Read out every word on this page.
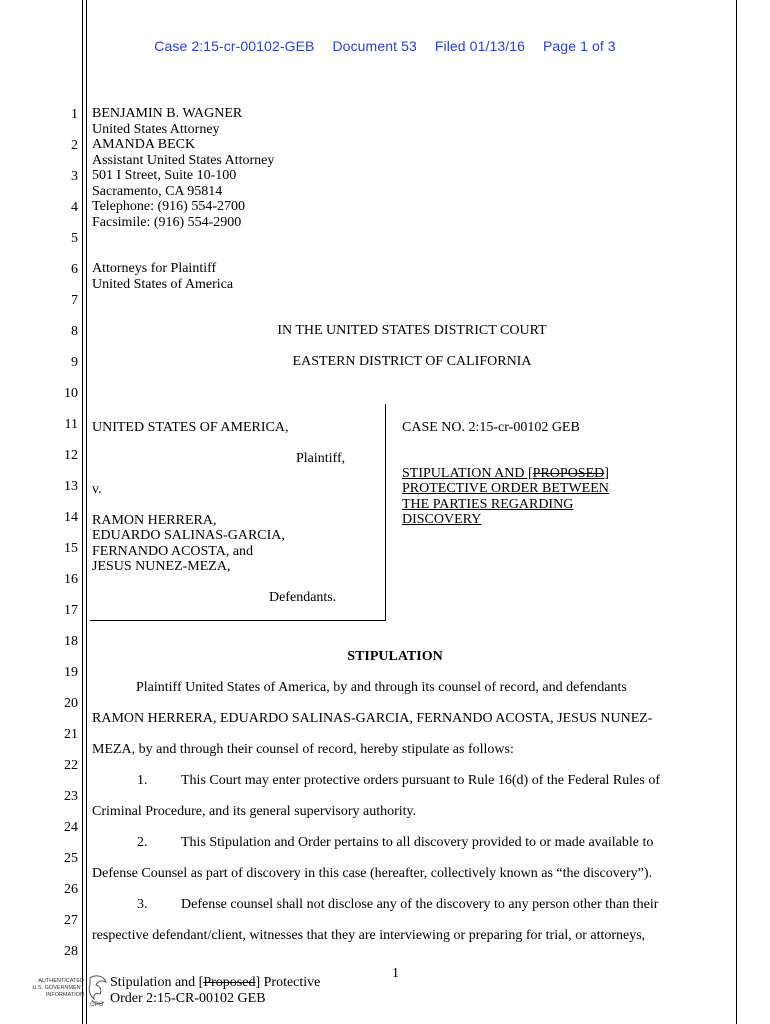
Case 2:15-cr-00102-GEB Document 53 Filed 01/13/16 Page 1 of 3
1
2
3
4
5
6
7
8
9
10
11
12
13
14
15
16
17
18
19
20
21
22
23
24
25
26
27
28
BENJAMIN B. WAGNER
United States Attorney
AMANDA BECK
Assistant United States Attorney
501 I Street, Suite 10-100
Sacramento, CA 95814
Telephone: (916) 554-2700
Facsimile: (916) 554-2900
Attorneys for Plaintiff
United States of America
IN THE UNITED STATES DISTRICT COURT
EASTERN DISTRICT OF CALIFORNIA
UNITED STATES OF AMERICA,
Plaintiff,
v.
RAMON HERRERA,
EDUARDO SALINAS-GARCIA,
FERNANDO ACOSTA, and
JESUS NUNEZ-MEZA,
Defendants.
CASE NO. 2:15-cr-00102 GEB
STIPULATION AND [PROPOSED]
PROTECTIVE ORDER BETWEEN
THE PARTIES REGARDING
DISCOVERY
STIPULATION
Plaintiff United States of America, by and through its counsel of record, and defendants
RAMON HERRERA, EDUARDO SALINAS-GARCIA, FERNANDO ACOSTA, JESUS NUNEZ-
MEZA, by and through their counsel of record, hereby stipulate as follows:
1. This Court may enter protective orders pursuant to Rule 16(d) of the Federal Rules of
Criminal Procedure, and its general supervisory authority.
2. This Stipulation and Order pertains to all discovery provided to or made available to
Defense Counsel as part of discovery in this case (hereafter, collectively known as “the discovery”).
3. Defense counsel shall not disclose any of the discovery to any person other than their
respective defendant/client, witnesses that they are interviewing or preparing for trial, or attorneys,
1
Stipulation and [Proposed] Protective
Order 2:15-CR-00102 GEB
AUTHENTICATED
U.S. GOVERNMENT
INFORMATION
GPO
